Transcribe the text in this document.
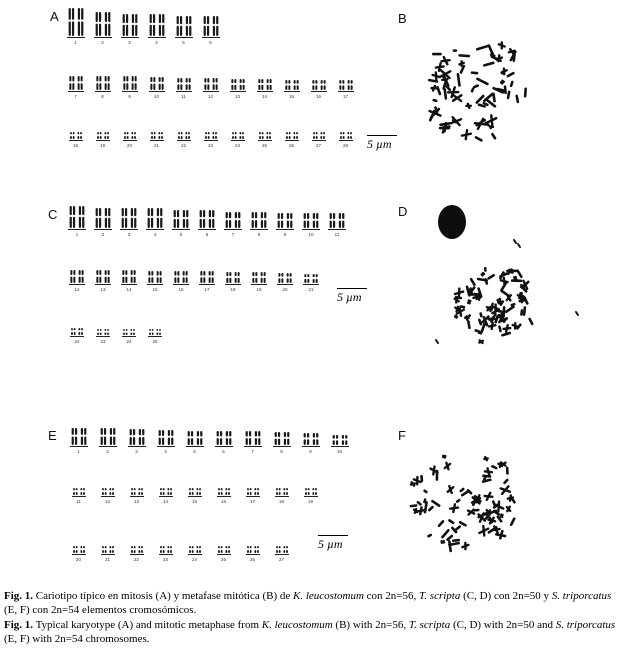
A	B
C	D
E	F
1	2	3	4	5	6
7	8	9	10	11	12	13	14	15	16	17
18	19	20	21	22	23	24	25	26	27	28 5 µm
1	2	3	4	5	6	7	8	9	10	11
12	13	14	15	16	17	18	19	20	21
22	23	24	25
5 µm
1	2	3	4	5	6	7	8	9	10
11	12	13	14	15	16	17	18	19
20	21	22	23	24	25	26	27
5 µm

Fig. 1. Cariotipo típico en mitosis (A) y metafase mitótica (B) de K. leucostomum con 2n=56, T. scripta (C, D) con 2n=50 y S. triporcatus (E, F) con 2n=54 elementos cromosómicos.

Fig. 1. Typical karyotype (A) and mitotic metaphase from K. leucostomum (B) with 2n=56, T. scripta (C, D) with 2n=50 and S. triporcatus (E, F) with 2n=54 chromosomes.
